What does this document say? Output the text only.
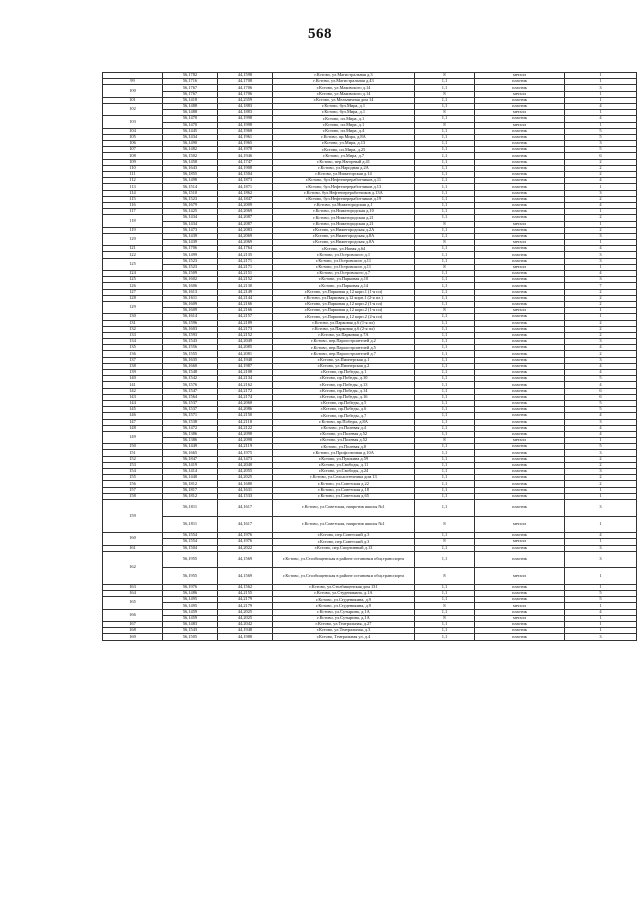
568
	56,1782	44,1598	г.Кстово, ул.Магистральная д.3	8	металл	1
99	56,1716	44,1708	г.Кстово, ул.Магистральная д.43	1,1	пластик	1
100	56,1767	44,1706	г.Кстово, ул.Маковского д.14	1,1	пластик	3
	56,1767	44,1706	г.Кстово, ул.Маковского д.14	8	металл	1
101	56,1418	44,2359	г.Кстово, ул.Мельничная дом 14	1,1	пластик	1
102	56,1488	44,1883	г.Кстово, бул.Мира, д.1	1,1	пластик	4
	56,1488	44,1883	г.Кстово, бул.Мира, д.1	8	металл	1
103	56,1470	44,1998	г.Кстово, пл.Мира, д.1	1,1	пластик	4
	56,1470	44,1998	г.Кстово, пл.Мира, д.1	8	металл	1
104	56,1445	44,1968	г.Кстово, пл.Мира, д.4	1,1	пластик	5
105	56,1434	44,1961	г.Кстово, пр.Мира, д.8А	1,1	пластик	5
106	56,1490	44,1965	г.Кстово, ул.Мира, д.13	1,1	пластик	3
107	56,1482	44,1978	г.Кстово, пл.Мира, д.25	1,1	пластик	5
108	56,1502	44,1946	г.Кстово, ул.Мира, д.7	1,1	пластик	6
109	56,1458	44,1747	г.Кстово, пер.Нагорный д.41	1,1	пластик	2
110	56,1643	44,1908	г.Кстово, ул.Народная д.2А	1,1	пластик	2
111	56,1855	44,1504	г.Кстово, ул.Нижегорская д.14	1,1	пластик	2
112	56,1498	44,1873	г.Кстово, бул.Нефтепереработчиков д.11	1,1	пластик	4
113	56,1514	44,1871	г.Кстово, бул.Нефтепереработчиков д.13	1,1	пластик	1
114	56,1510	44,1862	г.Кстово, бул.Нефтепереработчиков д.13А	1,1	пластик	3
115	56,1523	44,1847	г.Кстово, бул.Нефтепереработчиков д.19	1,1	пластик	2
116	56,1679	44,2009	г.Кстово, ул.Нижегородская д.1	1,1	пластик	4
117	56,1425	44,2069	г.Кстово, ул.Нижегородская д.10	1,1	пластик	1
118	56,1434	44,2087	г.Кстово, ул.Нижегородская д.21	1,1	пластик	2
	56,1434	44,2087	г.Кстово, ул.Нижегородская д.21	8	металл	1
119	56,1473	44,2083	г.Кстово, ул.Нижегородская д.2А	1,1	пластик	2
120	56,1439	44,2069	г.Кстово, ул.Нижегородская д.8А	1,1	пластик	3
	56,1439	44,2069	г.Кстово, ул.Нижегородская д.8А	8	металл	1
121	56,1706	44,1764	г.Кстово, ул.Ноная д.64	1,1	пластик	4
122	56,1499	44,2135	г.Кстово, ул.Островского д.1	1,1	пластик	3
125	56,1523	44,2171	г.Кстово, ул.Островского д.11	1,1	пластик	3
	56,1523	44,2171	г.Кстово, ул.Островского д.11	8	металл	1
124	56,1509	44,2151	г.Кстово, ул.Островского д.7	1,1	пластик	4
125	56,1602	44,2152	г.Кстово, ул.Парковая д.10	1,1	пластик	3
126	56,1606	44,2130	г.Кстово, ул.Парковая д.14	1,1	пластик	7
127	56,1613	44,2149	г.Кстово, ул.Парковая д.12 корп.1 (1-я пл)	1,1	пластик	2
128	56,1611	44,2144	г.Кстово, ул.Парковая д.12 корп.1 (2-я пл.)	1,1	пластик	2
129	56,1609	44,2166	г.Кстово, ул.Парковая д.12 корп.2 (1-я пл)	1,1	пластик	2
	56,1609	44,2166	г.Кстово, ул.Парковая д.12 корп.2 (1-я пл)	8	металл	1
130	56,1614	44,2157	г.Кстово, ул.Парковая д.12 корп.2 (2-я пл)	1,1	пластик	1
131	56,1596	44,2189	г.Кстово, ул.Парковая д.6 (1-я пл)	1,1	пластик	2
132	56,1603	44,2173	г.Кстово, ул.Парковая д.6 (2-я пл)	1,1	пластик	2
133	56,1593	44,2152	г.Кстово, ул.Парковая д.7А	1,1	пластик	2
134	56,1543	44,2049	г.Кстово, пер.Пароостроителей д.2	1,1	пластик	3
135	56,1556	44,2085	г.Кстово, пер.Пароостроителей д.5	1,1	пластик	4
136	56,1555	44,2081	г.Кстово, пер.Пароостроителей д.7	1,1	пластик	2
137	56,1635	44,1948	г.Кстово, ул.Пионерская д.1	1,1	пластик	3
138	56,1660	44,1987	г.Кстово, ул.Пионерская д.2	1,1	пластик	4
139	56,1548	44,2108	г.Кстово, пр.Победы, д.1	1,1	пластик	4
140	56,1542	44,2134	г.Кстово, пр.Победы, д.10	1,1	пластик	5
141	56,1576	44,2162	г.Кстово, пр.Победы, д.13	1,1	пластик	4
142	56,1547	44,2172	г.Кстово, пр.Победы, д.14	1,1	пластик	6
143	56,1564	44,2174	г.Кстово, пр.Победы, д.16	1,1	пластик	6
144	56,1537	44,2068	г.Кстово, пр.Победы, д.5	1,1	пластик	5
145	56,1537	44,2086	г.Кстово, пр.Победы, д.6	1,1	пластик	5
146	56,1571	44,2150	г.Кстово, пр.Победы, д.7	1,1	пластик	4
147	56,1538	44,2118	г.Кстово, пр.Победы, д.8А	1,1	пластик	3
148	56,1472	44,2122	г.Кстово, ул.Полевая д.4	1,1	пластик	4
149	56,1386	44,2098	г.Кстово, ул.Полевая д.52	1,1	пластик	4
	56,1386	44,2098	г.Кстово, ул.Полевая д.52	8	металл	1
150	56,1449	44,2119	г.Кстово, ул.Полевая д.8	1,1	пластик	5
151	56,1665	44,1975	г.Кстово, ул.Профсоюзная д.10А	1,1	пластик	3
152	56,1847	44,1473	г.Кстово, ул.Пушкина д.59	1,1	пластик	2
153	56,1419	44,2040	г.Кстово, ул.Свободы, д.11	1,1	пластик	2
154	56,1414	44,2055	г.Кстово, ул.Свободы, д.24	1,1	пластик	3
155	56,1440	44,2025	г.Кстово, ул.Сельхозтехника дом 13	1,1	пластик	2
156	56,1812	44,1680	г.Кстово, ул.Советская д.22	1,1	пластик	2
157	56,1817	44,1631	г.Кстово, ул.Советская д.18	1,1	пластик	1
158	56,1812	44,1533	г.Кстово, ул.Советская д.65	1,1	пластик	1
159	56,1811	44,1617	г.Кстово, ул.Советская, напротив школы №1	1,1	пластик	3
	56,1811	44,1617	г.Кстово, ул.Советская, напротив школы №1	8	металл	1
160	56,1554	44,1976	г.Кстово, пер.Советский д.3	1,1	пластик	4
	56,1554	44,1976	г.Кстово, пер.Советский д.3	8	металл	1
161	56,1504	44,2022	г.Кстово, пер.Спортивный д.13	1,1	пластик	3
162	56,1955	44,1569	г.Кстово, ул.Столбищенская в районе остановки общ.транспорта	1,1	пластик	3
	56,1955	44,1569	г.Кстово, ул.Столбищенская в районе остановки общ.транспорта	8	металл	1
163	56,1976	44,1562	г.Кстово, ул.Столбищенская дом 131	1,1	пластик	1
164	56,1486	44,2155	г.Кстово, ул.Студеникина, д.1А	1,1	пластик	5
165	56,1495	44,2179	г.Кстово, ул.Студеникина, д.9	1,1	пластик	5
	56,1495	44,2179	г.Кстово, ул.Студеникина, д.9	8	металл	1
166	56,1459	44,2025	г.Кстово, ул.Сутырина, д.1А	1,1	пластик	4
	56,1459	44,2025	г.Кстово, ул.Сутырина, д.1А	8	металл	1
167	56,1483	44,2042	г.Кстово, ул.Театральная, д.27	1,1	пластик	1
168	56,1543	44,1948	г.Кстово, ул.Театральная, д.3	1,1	пластик	1
169	56,1505	44,1988	г.Кстово, Театральная ул. д.4	1,1	пластик	3
